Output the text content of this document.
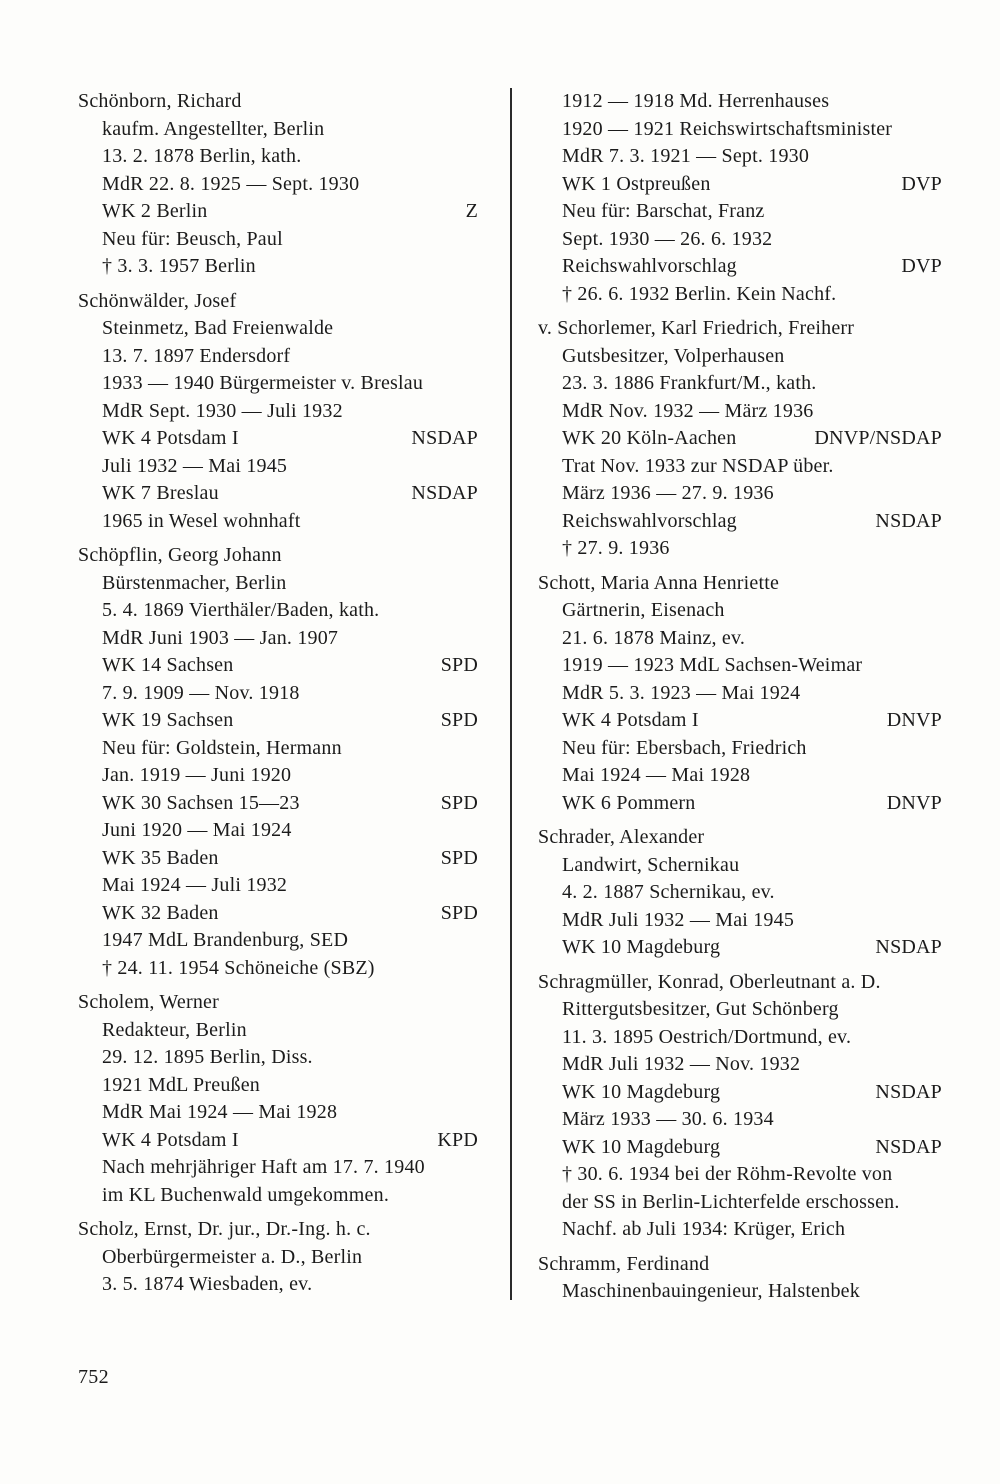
Schönborn, Richard
kaufm. Angestellter, Berlin
13. 2. 1878 Berlin, kath.
MdR 22. 8. 1925 — Sept. 1930
WK 2 Berlin	Z
Neu für: Beusch, Paul
† 3. 3. 1957 Berlin
Schönwälder, Josef
Steinmetz, Bad Freienwalde
13. 7. 1897 Endersdorf
1933 — 1940 Bürgermeister v. Breslau
MdR Sept. 1930 — Juli 1932
WK 4 Potsdam I	NSDAP
Juli 1932 — Mai 1945
WK 7 Breslau	NSDAP
1965 in Wesel wohnhaft
Schöpflin, Georg Johann
Bürstenmacher, Berlin
5. 4. 1869 Vierthäler/Baden, kath.
MdR Juni 1903 — Jan. 1907
WK 14 Sachsen	SPD
7. 9. 1909 — Nov. 1918
WK 19 Sachsen	SPD
Neu für: Goldstein, Hermann
Jan. 1919 — Juni 1920
WK 30 Sachsen 15—23	SPD
Juni 1920 — Mai 1924
WK 35 Baden	SPD
Mai 1924 — Juli 1932
WK 32 Baden	SPD
1947 MdL Brandenburg, SED
† 24. 11. 1954 Schöneiche (SBZ)
Scholem, Werner
Redakteur, Berlin
29. 12. 1895 Berlin, Diss.
1921 MdL Preußen
MdR Mai 1924 — Mai 1928
WK 4 Potsdam I	KPD
Nach mehrjähriger Haft am 17. 7. 1940
im KL Buchenwald umgekommen.
Scholz, Ernst, Dr. jur., Dr.-Ing. h. c.
Oberbürgermeister a. D., Berlin
3. 5. 1874 Wiesbaden, ev.
1912 — 1918 Md. Herrenhauses
1920 — 1921 Reichswirtschaftsminister
MdR 7. 3. 1921 — Sept. 1930
WK 1 Ostpreußen	DVP
Neu für: Barschat, Franz
Sept. 1930 — 26. 6. 1932
Reichswahlvorschlag	DVP
† 26. 6. 1932 Berlin. Kein Nachf.
v. Schorlemer, Karl Friedrich, Freiherr
Gutsbesitzer, Volperhausen
23. 3. 1886 Frankfurt/M., kath.
MdR Nov. 1932 — März 1936
WK 20 Köln-Aachen	DNVP/NSDAP
Trat Nov. 1933 zur NSDAP über.
März 1936 — 27. 9. 1936
Reichswahlvorschlag	NSDAP
† 27. 9. 1936
Schott, Maria Anna Henriette
Gärtnerin, Eisenach
21. 6. 1878 Mainz, ev.
1919 — 1923 MdL Sachsen-Weimar
MdR 5. 3. 1923 — Mai 1924
WK 4 Potsdam I	DNVP
Neu für: Ebersbach, Friedrich
Mai 1924 — Mai 1928
WK 6 Pommern	DNVP
Schrader, Alexander
Landwirt, Schernikau
4. 2. 1887 Schernikau, ev.
MdR Juli 1932 — Mai 1945
WK 10 Magdeburg	NSDAP
Schragmüller, Konrad, Oberleutnant a. D.
Rittergutsbesitzer, Gut Schönberg
11. 3. 1895 Oestrich/Dortmund, ev.
MdR Juli 1932 — Nov. 1932
WK 10 Magdeburg	NSDAP
März 1933 — 30. 6. 1934
WK 10 Magdeburg	NSDAP
† 30. 6. 1934 bei der Röhm-Revolte von
der SS in Berlin-Lichterfelde erschossen.
Nachf. ab Juli 1934: Krüger, Erich
Schramm, Ferdinand
Maschinenbauingenieur, Halstenbek
752
